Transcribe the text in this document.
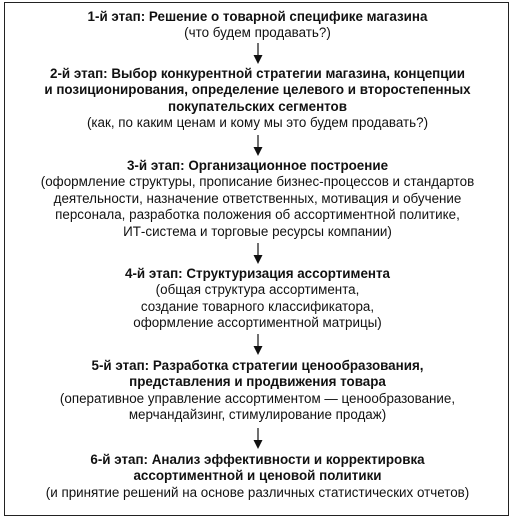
1-й этап: Решение о товарной специфике магазина
(что будем продавать?)
2-й этап: Выбор конкурентной стратегии магазина, концепции
и позиционирования, определение целевого и второстепенных
покупательских сегментов
(как, по каким ценам и кому мы это будем продавать?)
3-й этап: Организационное построение
(оформление структуры, прописание бизнес-процессов и стандартов
деятельности, назначение ответственных, мотивация и обучение
персонала, разработка положения об ассортиментной политике,
ИТ-система и торговые ресурсы компании)
4-й этап: Структуризация ассортимента
(общая структура ассортимента,
создание товарного классификатора,
оформление ассортиментной матрицы)
5-й этап: Разработка стратегии ценообразования,
представления и продвижения товара
(оперативное управление ассортиментом — ценообразование,
мерчандайзинг, стимулирование продаж)
6-й этап: Анализ эффективности и корректировка
ассортиментной и ценовой политики
(и принятие решений на основе различных статистических отчетов)
